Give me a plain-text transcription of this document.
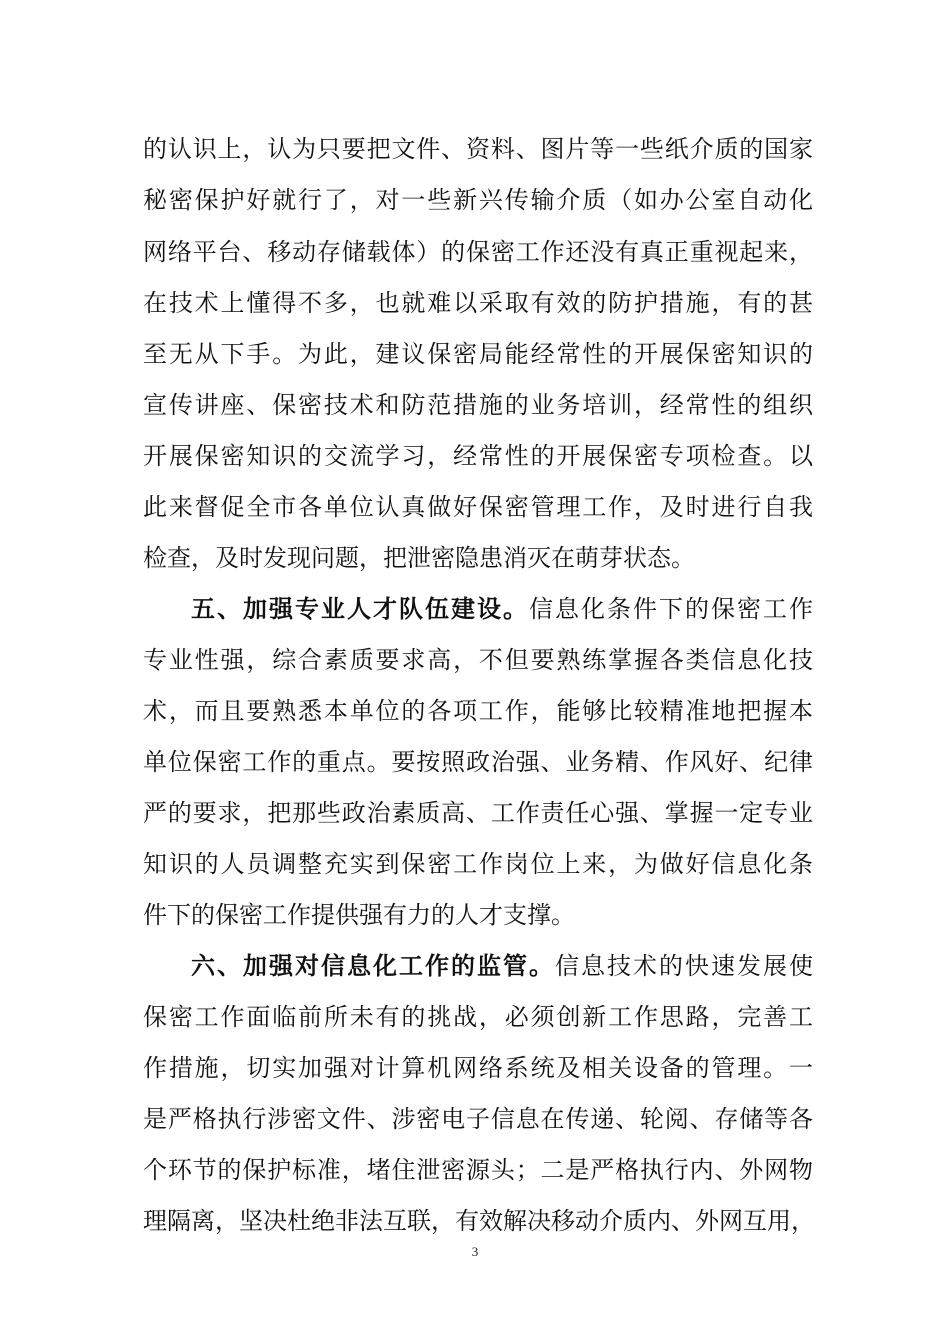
的认识上，认为只要把文件、资料、图片等一些纸介质的国家
秘密保护好就行了，对一些新兴传输介质（如办公室自动化
网络平台、移动存储载体）的保密工作还没有真正重视起来，
在技术上懂得不多，也就难以采取有效的防护措施，有的甚
至无从下手。为此，建议保密局能经常性的开展保密知识的
宣传讲座、保密技术和防范措施的业务培训，经常性的组织
开展保密知识的交流学习，经常性的开展保密专项检查。以
此来督促全市各单位认真做好保密管理工作，及时进行自我
检查，及时发现问题，把泄密隐患消灭在萌芽状态。
五、加强专业人才队伍建设。信息化条件下的保密工作
专业性强，综合素质要求高，不但要熟练掌握各类信息化技
术，而且要熟悉本单位的各项工作，能够比较精准地把握本
单位保密工作的重点。要按照政治强、业务精、作风好、纪律
严的要求，把那些政治素质高、工作责任心强、掌握一定专业
知识的人员调整充实到保密工作岗位上来，为做好信息化条
件下的保密工作提供强有力的人才支撑。
六、加强对信息化工作的监管。信息技术的快速发展使
保密工作面临前所未有的挑战，必须创新工作思路，完善工
作措施，切实加强对计算机网络系统及相关设备的管理。一
是严格执行涉密文件、涉密电子信息在传递、轮阅、存储等各
个环节的保护标准，堵住泄密源头；二是严格执行内、外网物
理隔离，坚决杜绝非法互联，有效解决移动介质内、外网互用，
3
